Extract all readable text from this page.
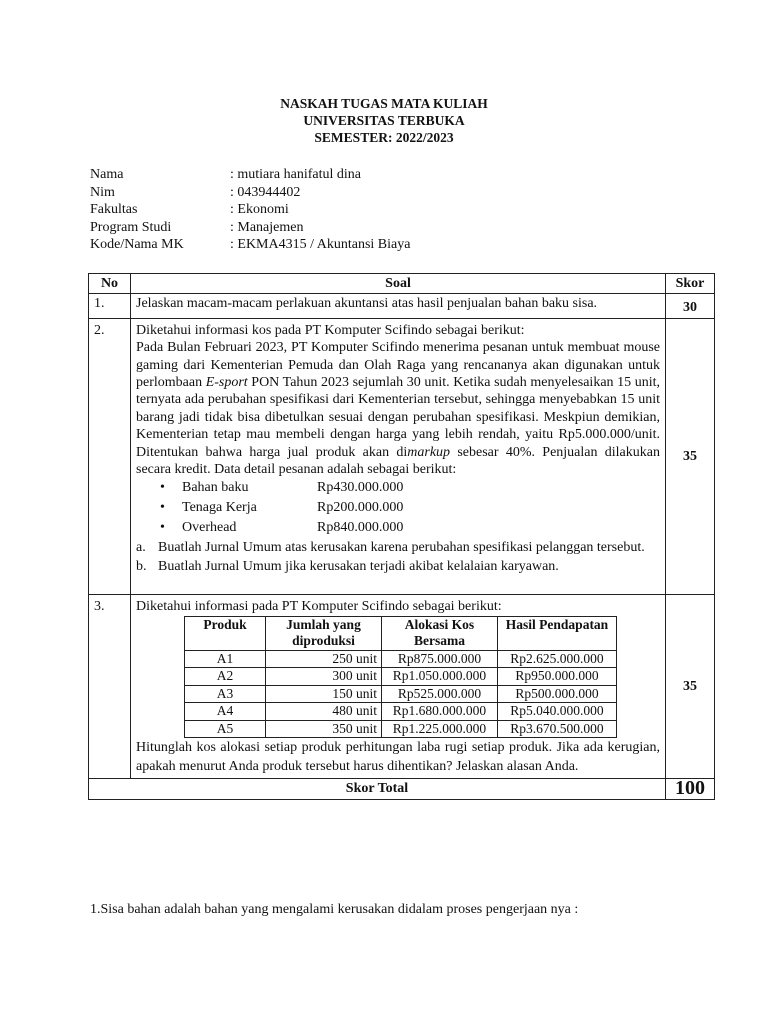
NASKAH TUGAS MATA KULIAH
UNIVERSITAS TERBUKA
SEMESTER: 2022/2023
Nama	: mutiara hanifatul dina
Nim	: 043944402
Fakultas	: Ekonomi
Program Studi	: Manajemen
Kode/Nama MK	: EKMA4315 / Akuntansi Biaya
No	Soal	Skor
1.	Jelaskan macam-macam perlakuan akuntansi atas hasil penjualan bahan baku sisa.	30
2.	Diketahui informasi kos pada PT Komputer Scifindo sebagai berikut:
Pada Bulan Februari 2023, PT Komputer Scifindo menerima pesanan untuk membuat mouse gaming dari Kementerian Pemuda dan Olah Raga yang rencananya akan digunakan untuk perlombaan E-sport PON Tahun 2023 sejumlah 30 unit. Ketika sudah menyelesaikan 15 unit, ternyata ada perubahan spesifikasi dari Kementerian tersebut, sehingga menyebabkan 15 unit barang jadi tidak bisa dibetulkan sesuai dengan perubahan spesifikasi. Meskpiun demikian, Kementerian tetap mau membeli dengan harga yang lebih rendah, yaitu Rp5.000.000/unit. Ditentukan bahwa harga jual produk akan dimarkup sebesar 40%. Penjualan dilakukan secara kredit. Data detail pesanan adalah sebagai berikut:
•	Bahan baku	Rp430.000.000
•	Tenaga Kerja	Rp200.000.000
•	Overhead	Rp840.000.000
a. Buatlah Jurnal Umum atas kerusakan karena perubahan spesifikasi pelanggan tersebut.
b. Buatlah Jurnal Umum jika kerusakan terjadi akibat kelalaian karyawan.
	35
3.	Diketahui informasi pada PT Komputer Scifindo sebagai berikut:
Produk	Jumlah yang diproduksi	Alokasi Kos Bersama	Hasil Pendapatan
A1	250 unit	Rp875.000.000	Rp2.625.000.000
A2	300 unit	Rp1.050.000.000	Rp950.000.000
A3	150 unit	Rp525.000.000	Rp500.000.000
A4	480 unit	Rp1.680.000.000	Rp5.040.000.000
A5	350 unit	Rp1.225.000.000	Rp3.670.500.000
Hitunglah kos alokasi setiap produk perhitungan laba rugi setiap produk. Jika ada kerugian, apakah menurut Anda produk tersebut harus dihentikan? Jelaskan alasan Anda.
	35
Skor Total	100
1.Sisa bahan adalah bahan yang mengalami kerusakan didalam proses pengerjaan nya :
